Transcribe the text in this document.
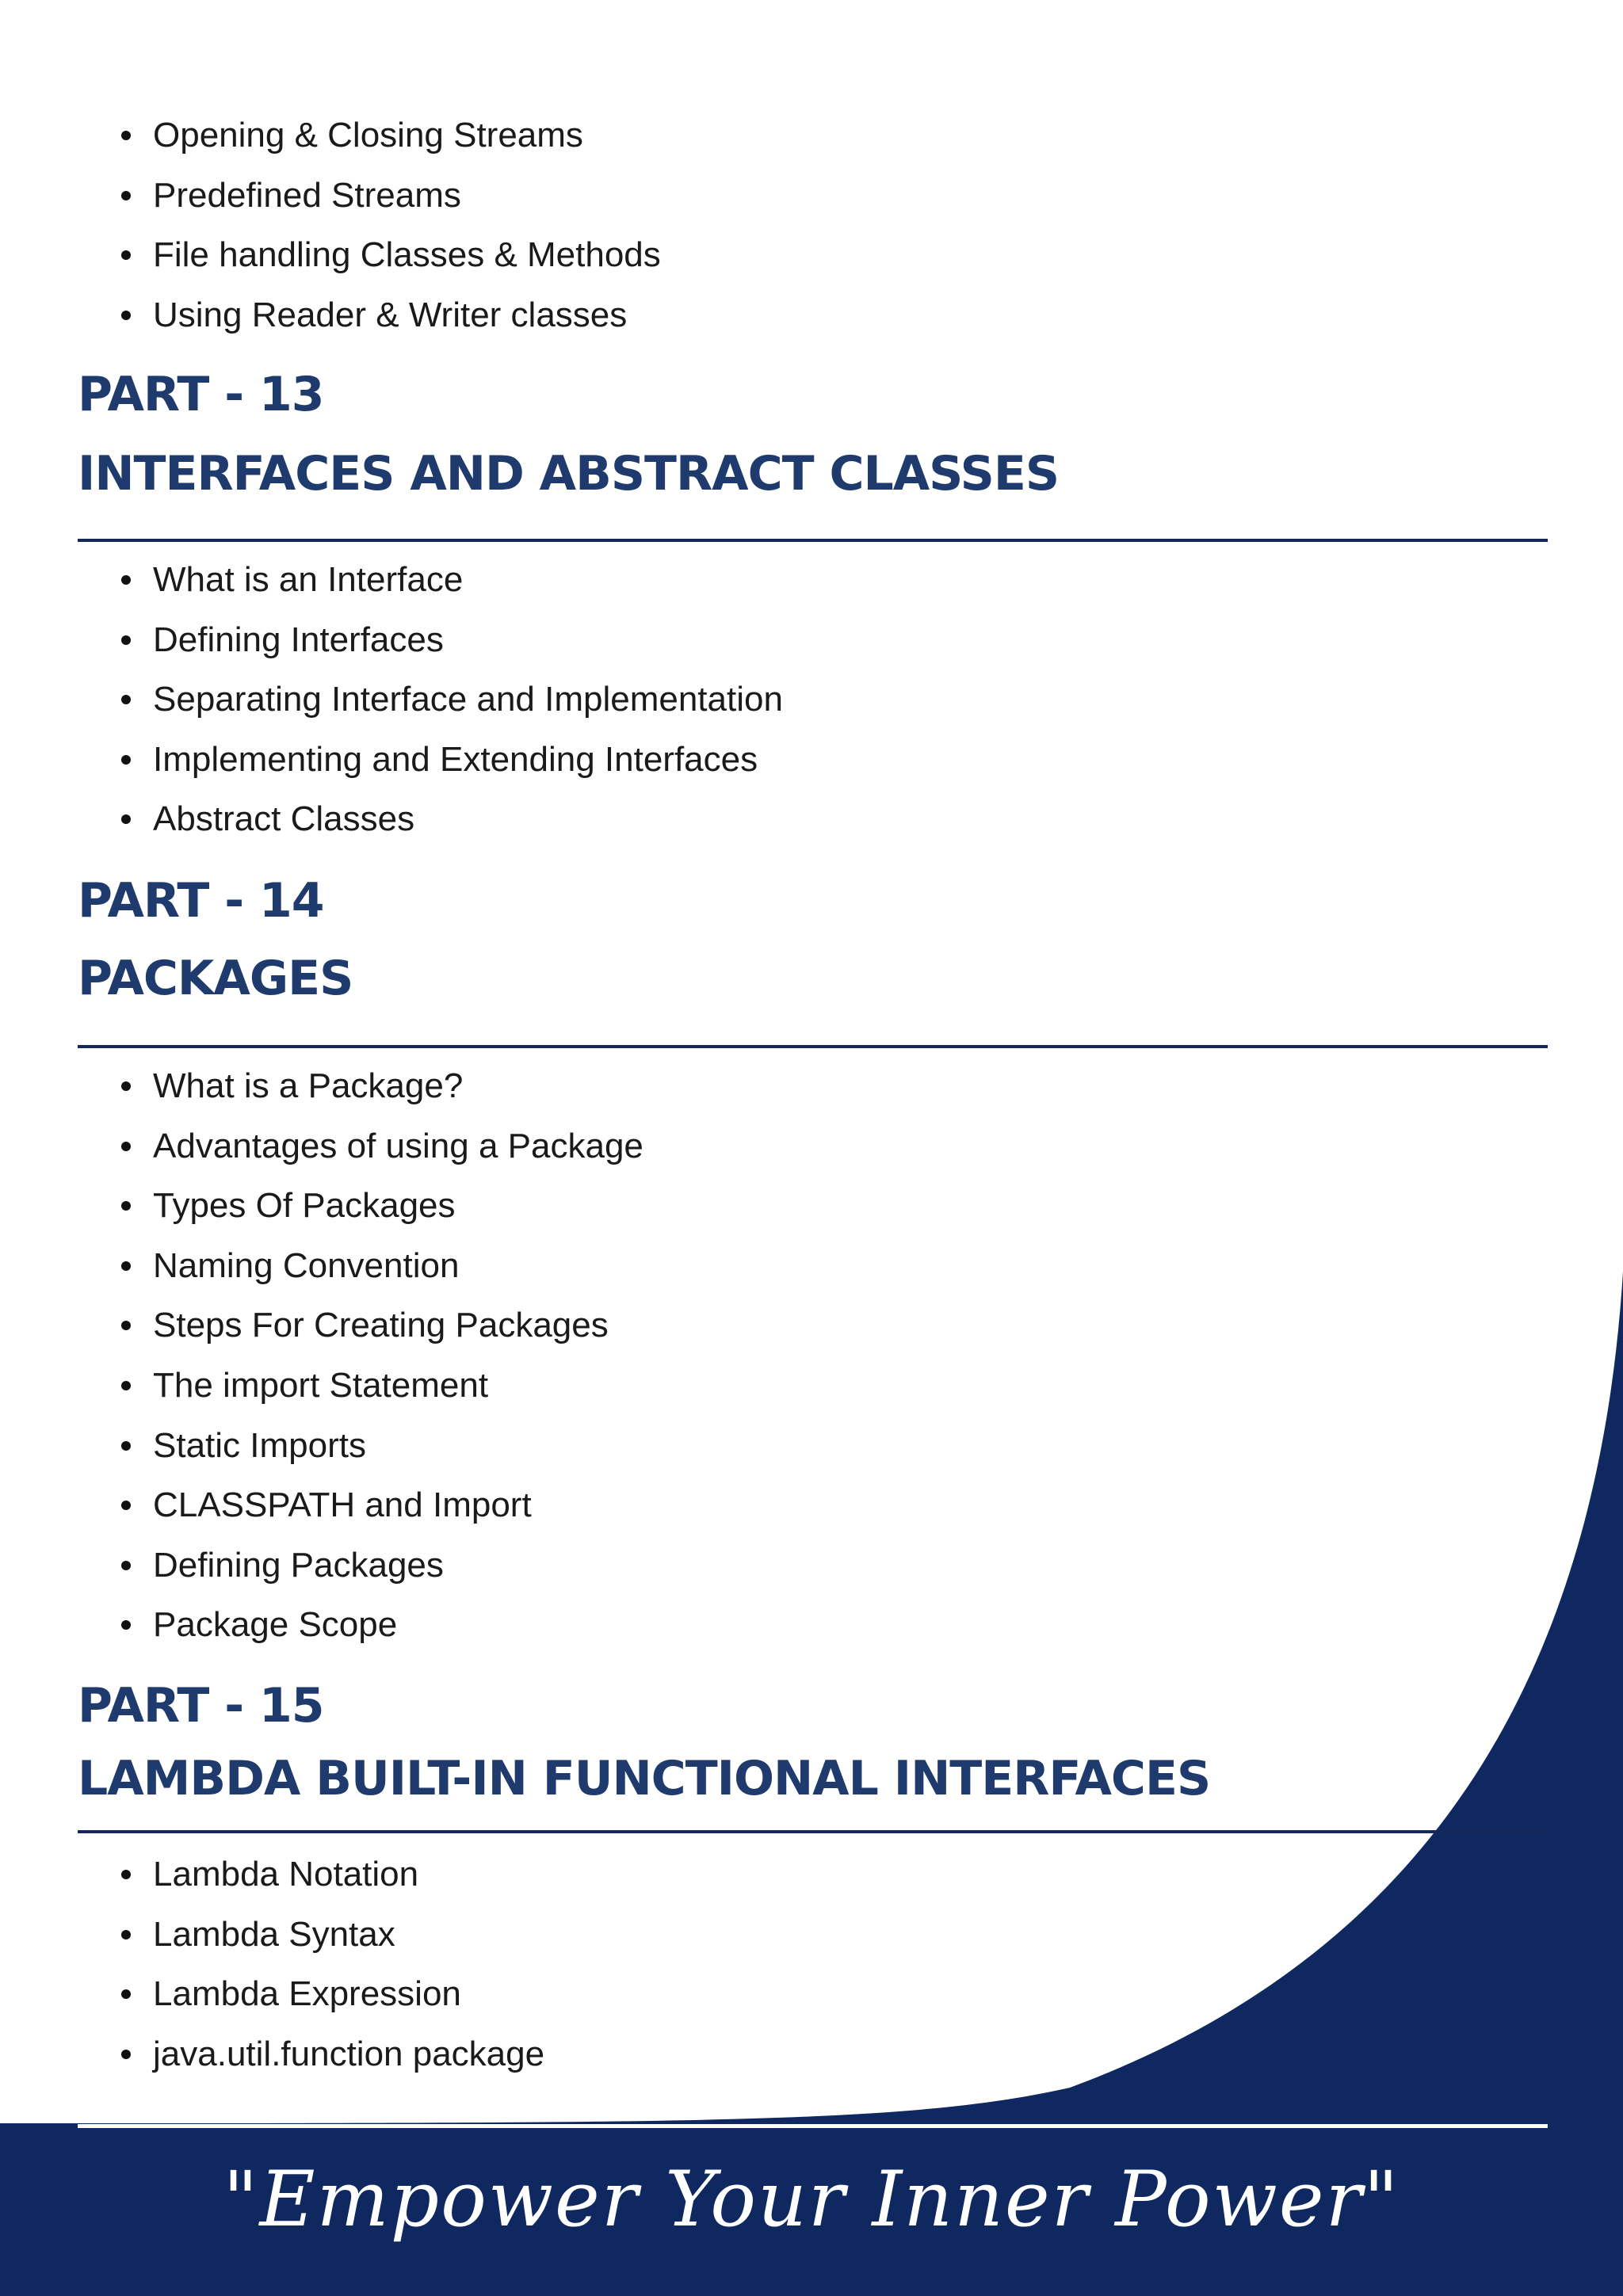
Opening & Closing Streams
Predefined Streams
File handling Classes & Methods
Using Reader & Writer classes
PART - 13
INTERFACES AND ABSTRACT CLASSES
What is an Interface
Defining Interfaces
Separating Interface and Implementation
Implementing and Extending Interfaces
Abstract Classes
PART - 14
PACKAGES
What is a Package?
Advantages of using a Package
Types Of Packages
Naming Convention
Steps For Creating Packages
The import Statement
Static Imports
CLASSPATH and Import
Defining Packages
Package Scope
PART - 15
LAMBDA BUILT-IN FUNCTIONAL INTERFACES
Lambda Notation
Lambda Syntax
Lambda Expression
java.util.function package
"Empower Your Inner Power"
